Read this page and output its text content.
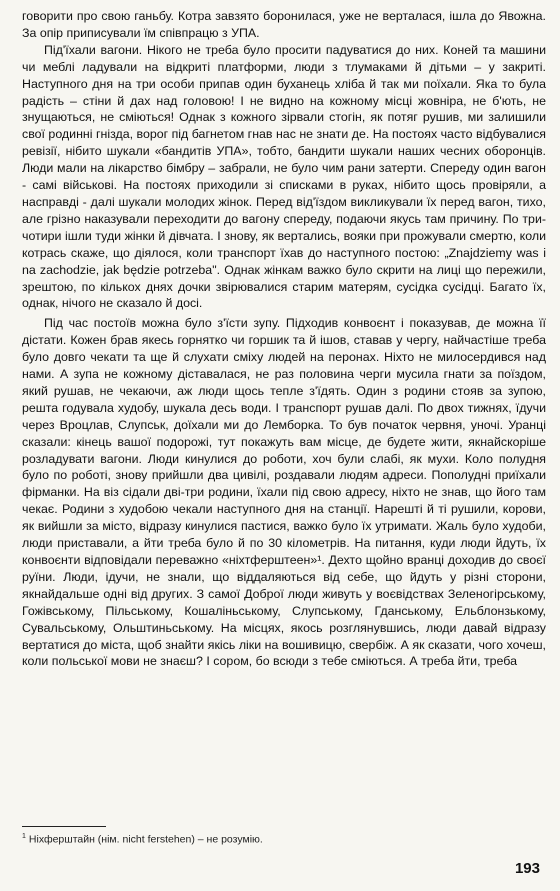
говорити про свою ганьбу. Котра завзято боронилася, уже не верталася, ішла до Явожна. За опір приписували їм співпрацю з УПА.

Під'їхали вагони. Нікого не треба було просити падуватися до них. Коней та машини чи меблі ладували на відкриті платформи, люди з тлумаками й дітьми – у закриті. Наступного дня на три особи припав один буханець хліба й так ми поїхали. Яка то була радість – стіни й дах над головою! І не видно на кожному місці жовніра, не б'ють, не знущаються, не сміються! Однак з кожного зірвали стогін, як потяг рушив, ми залишили свої родинні гнізда, ворог під багнетом гнав нас не знати де. На постоях часто відбувалися ревізії, нібито шукали «бандитів УПА», тобто, бандити шукали наших чесних оборонців. Люди мали на лікарство бімбру – забрали, не було чим рани затерти. Спереду один вагон - самі військові. На постоях приходили зі списками в руках, нібито щось провіряли, а насправді - далі шукали молодих жінок. Перед від'їздом викликували їх перед вагон, тихо, але грізно наказували переходити до вагону спереду, подаючи якусь там причину. По три-чотири ішли туди жінки й дівчата. І знову, як вертались, вояки при прожували смертю, коли котрась скаже, що діялося, коли транспорт їхав до наступного постою: „Znajdziemy was i na zachodzie, jak będzie potrzeba". Однак жінкам важко було скрити на лиці що пережили, зрештою, по кількох днях дочки звірювалися старим матерям, сусідка сусідці. Багато їх, однак, нічого не сказало й досі.

Під час постоїв можна було з'їсти зупу. Підходив конвоєнт і показував, де можна її дістати. Кожен брав якесь горнятко чи горшик та й ішов, ставав у чергу, найчастіше треба було довго чекати та ще й слухати сміху людей на перонах. Ніхто не милосердився над нами. А зупа не кожному діставалася, не раз половина черги мусила гнати за поїздом, який рушав, не чекаючи, аж люди щось тепле з'їдять. Один з родини стояв за зупою, решта годувала худобу, шукала десь води. І транспорт рушав далі. По двох тижнях, їдучи через Вроцлав, Слупськ, доїхали ми до Лемборка. То був початок червня, уночі. Уранці сказали: кінець вашої подорожі, тут покажуть вам місце, де будете жити, якнайскоріше розладувати вагони. Люди кинулися до роботи, хоч були слабі, як мухи. Коло полудня було по роботі, знову прийшли два цивілі, роздавали людям адреси. Пополудні приїхали фірманки. На віз сідали дві-три родини, їхали під свою адресу, ніхто не знав, що його там чекає. Родини з худобою чекали наступного дня на станції. Нарешті й ті рушили, корови, як вийшли за місто, відразу кинулися пастися, важко було їх утримати. Жаль було худоби, люди приставали, а йти треба було й по 30 кілометрів. На питання, куди люди йдуть, їх конвоєнти відповідали переважно «ніхтферштеен»¹. Дехто щойно вранці доходив до своєї руїни. Люди, ідучи, не знали, що віддаляються від себе, що йдуть у різні сторони, якнайдальше одні від других. З самої Доброї люди живуть у воєвідствах Зеленогірському, Гожівському, Пільському, Кошаліньському, Слупському, Гданському, Ельблонзькому, Сувальському, Ольштиньському. На місцях, якось розглянувшись, люди давай відразу вертатися до міста, щоб знайти якісь ліки на вошивицю, свербіж. А як сказати, чого хочеш, коли польської мови не знаєш? І сором, бо всюди з тебе сміються. А треба йти, треба

$^1$ Ніхферштайн (нім. nicht ferstehen) – не розумію.
193
